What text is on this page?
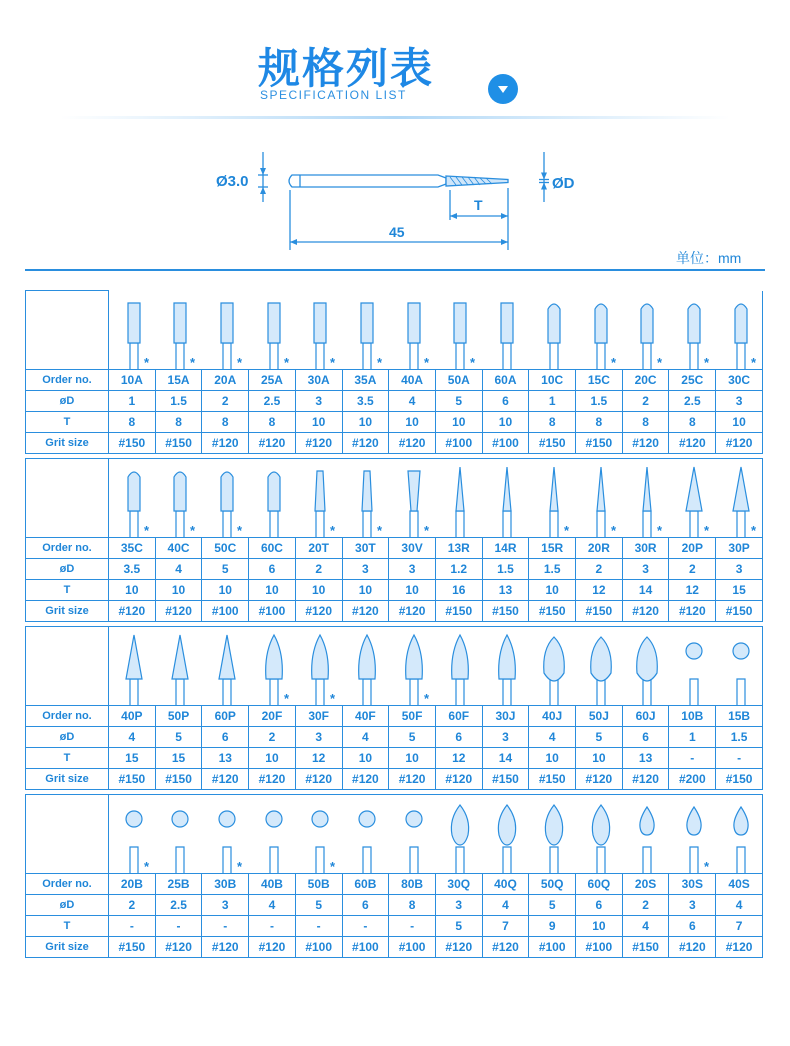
规格列表
SPECIFICATION LIST
Ø3.0	ØD
T
45
单位：mm

*	*	*	*	*	*	*	*			*	*	*	*

Order no.	10A	15A	20A	25A	30A	35A	40A	50A	60A	10C	15C	20C	25C	30C
øD	1	1.5	2	2.5	3	3.5	4	5	6	1	1.5	2	2.5	3
T	8	8	8	8	10	10	10	10	10	8	8	8	8	10
Grit size	#150	#150	#120	#120	#120	#120	#120	#100	#100	#150	#150	#120	#120	#120

*	*	*		*	*	*			*	*	*	*	*

Order no.	35C	40C	50C	60C	20T	30T	30V	13R	14R	15R	20R	30R	20P	30P
øD	3.5	4	5	6	2	3	3	1.2	1.5	1.5	2	3	2	3
T	10	10	10	10	10	10	10	16	13	10	12	14	12	15
Grit size	#120	#120	#100	#100	#120	#120	#120	#150	#150	#150	#150	#120	#120	#150

*	*		*

Order no.	40P	50P	60P	20F	30F	40F	50F	60F	30J	40J	50J	60J	10B	15B
øD	4	5	6	2	3	4	5	6	3	4	5	6	1	1.5
T	15	15	13	10	12	10	10	12	14	10	10	13	-	-
Grit size	#150	#150	#120	#120	#120	#120	#120	#120	#150	#150	#120	#120	#200	#150

*		*		*								*

Order no.	20B	25B	30B	40B	50B	60B	80B	30Q	40Q	50Q	60Q	20S	30S	40S
øD	2	2.5	3	4	5	6	8	3	4	5	6	2	3	4
T	-	-	-	-	-	-	-	5	7	9	10	4	6	7
Grit size	#150	#120	#120	#120	#100	#100	#100	#120	#120	#100	#100	#150	#120	#120
